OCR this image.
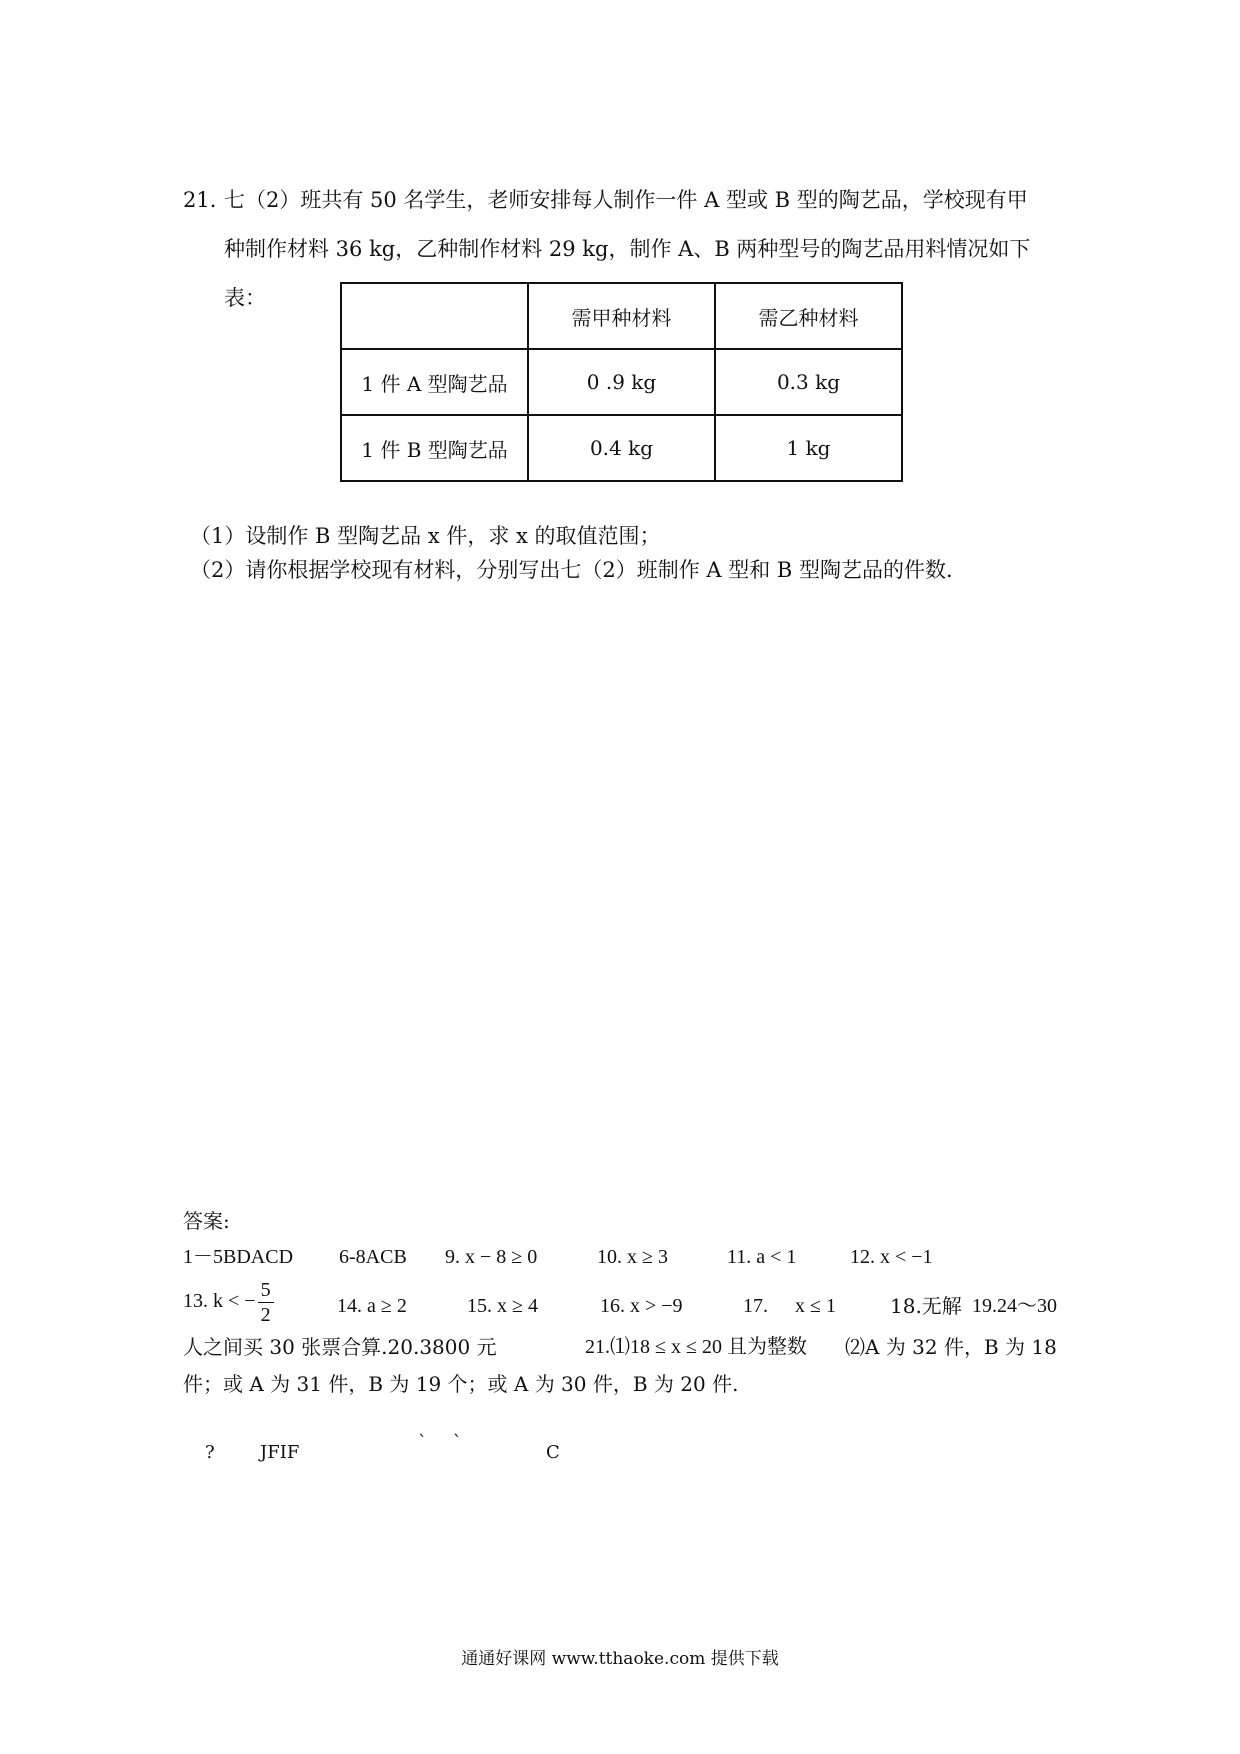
21. 七（2）班共有 50 名学生，老师安排每人制作一件 A 型或 B 型的陶艺品，学校现有甲
种制作材料 36 kg，乙种制作材料 29 kg，制作 A、B 两种型号的陶艺品用料情况如下
表：
	需甲种材料	需乙种材料
1 件 A 型陶艺品	0 .9 kg	0.3 kg
1 件 B 型陶艺品	0.4 kg	1 kg
（1）设制作 B 型陶艺品 x 件，求 x 的取值范围；
（2）请你根据学校现有材料，分别写出七（2）班制作 A 型和 B 型陶艺品的件数.
答案:
1－5BDACD 6-8ACB 9. x − 8 ≥ 0	10. x ≥ 3	11. a < 1	12. x < −1
13. k < − $\frac{5}{2}$	14. a ≥ 2	15. x ≥ 4	16. x > −9	17. x ≤ 1	18.无解 19.24～30
人之间买 30 张票合算.20.3800 元	21.⑴18 ≤ x ≤ 20 且为整数 ⑵A 为 32 件，B 为 18
件；或 A 为 31 件，B 为 19 个；或 A 为 30 件，B 为 20 件.
?	JFIF	` `	C
通通好课网 www.tthaoke.com 提供下载
